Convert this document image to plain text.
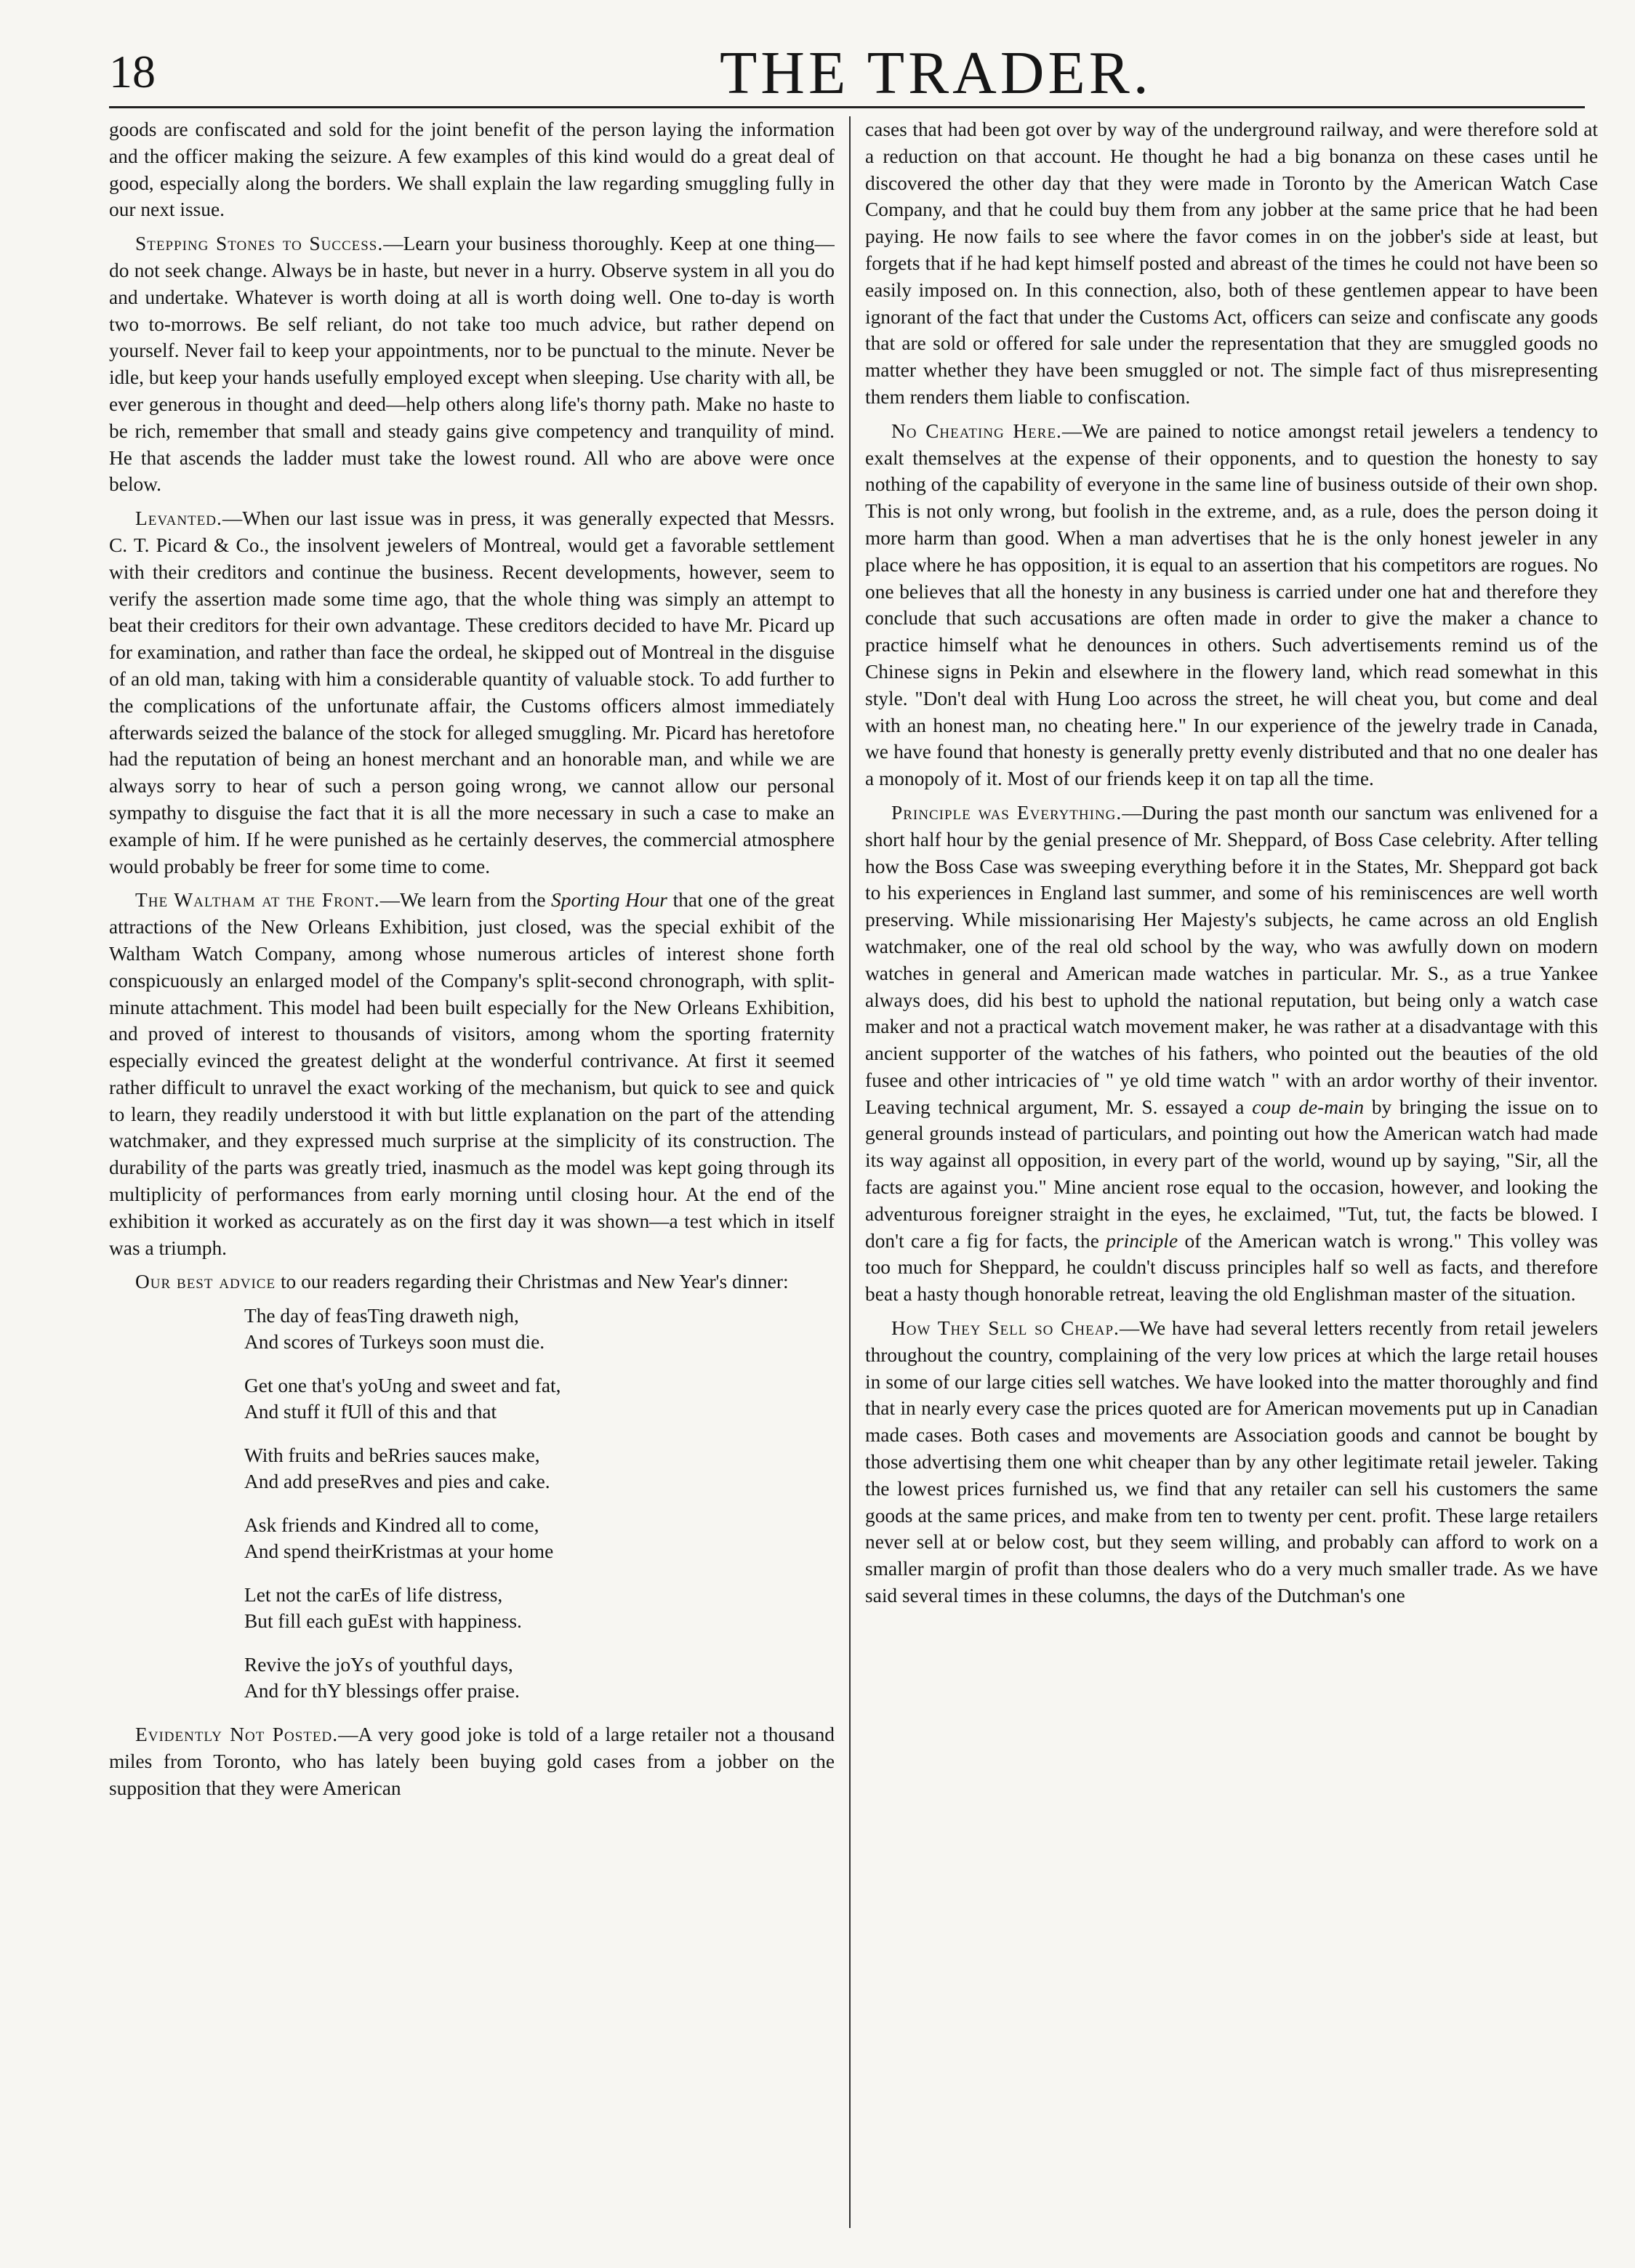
18	THE TRADER.

goods are confiscated and sold for the joint benefit of the person laying the information and the officer making the seizure. A few examples of this kind would do a great deal of good, especially along the borders. We shall explain the law regarding smuggling fully in our next issue.

Stepping Stones to Success.—Learn your business thoroughly. Keep at one thing—do not seek change. Always be in haste, but never in a hurry. Observe system in all you do and undertake. Whatever is worth doing at all is worth doing well. One to-day is worth two to-morrows. Be self reliant, do not take too much advice, but rather depend on yourself. Never fail to keep your appointments, nor to be punctual to the minute. Never be idle, but keep your hands usefully employed except when sleeping. Use charity with all, be ever generous in thought and deed—help others along life's thorny path. Make no haste to be rich, remember that small and steady gains give competency and tranquility of mind. He that ascends the ladder must take the lowest round. All who are above were once below.

Levanted.—When our last issue was in press, it was generally expected that Messrs. C. T. Picard & Co., the insolvent jewelers of Montreal, would get a favorable settlement with their creditors and continue the business. Recent developments, however, seem to verify the assertion made some time ago, that the whole thing was simply an attempt to beat their creditors for their own advantage. These creditors decided to have Mr. Picard up for examination, and rather than face the ordeal, he skipped out of Montreal in the disguise of an old man, taking with him a considerable quantity of valuable stock. To add further to the complications of the unfortunate affair, the Customs officers almost immediately afterwards seized the balance of the stock for alleged smuggling. Mr. Picard has heretofore had the reputation of being an honest merchant and an honorable man, and while we are always sorry to hear of such a person going wrong, we cannot allow our personal sympathy to disguise the fact that it is all the more necessary in such a case to make an example of him. If he were punished as he certainly deserves, the commercial atmosphere would probably be freer for some time to come.

The Waltham at the Front.—We learn from the Sporting Hour that one of the great attractions of the New Orleans Exhibition, just closed, was the special exhibit of the Waltham Watch Company, among whose numerous articles of interest shone forth conspicuously an enlarged model of the Company's split-second chronograph, with split-minute attachment. This model had been built especially for the New Orleans Exhibition, and proved of interest to thousands of visitors, among whom the sporting fraternity especially evinced the greatest delight at the wonderful contrivance. At first it seemed rather difficult to unravel the exact working of the mechanism, but quick to see and quick to learn, they readily understood it with but little explanation on the part of the attending watchmaker, and they expressed much surprise at the simplicity of its construction. The durability of the parts was greatly tried, inasmuch as the model was kept going through its multiplicity of performances from early morning until closing hour. At the end of the exhibition it worked as accurately as on the first day it was shown—a test which in itself was a triumph.

Our best advice to our readers regarding their Christmas and New Year's dinner:

The day of feasTing draweth nigh,
And scores of Turkeys soon must die.
Get one that's yoUng and sweet and fat,
And stuff it fUll of this and that
With fruits and beRries sauces make,
And add preseRves and pies and cake.
Ask friends and Kindred all to come,
And spend theirKristmas at your home
Let not the carEs of life distress,
But fill each guEst with happiness.
Revive the joYs of youthful days,
And for thY blessings offer praise.

Evidently Not Posted.—A very good joke is told of a large retailer not a thousand miles from Toronto, who has lately been buying gold cases from a jobber on the supposition that they were American

cases that had been got over by way of the underground railway, and were therefore sold at a reduction on that account. He thought he had a big bonanza on these cases until he discovered the other day that they were made in Toronto by the American Watch Case Company, and that he could buy them from any jobber at the same price that he had been paying. He now fails to see where the favor comes in on the jobber's side at least, but forgets that if he had kept himself posted and abreast of the times he could not have been so easily imposed on. In this connection, also, both of these gentlemen appear to have been ignorant of the fact that under the Customs Act, officers can seize and confiscate any goods that are sold or offered for sale under the representation that they are smuggled goods no matter whether they have been smuggled or not. The simple fact of thus misrepresenting them renders them liable to confiscation.

No Cheating Here.—We are pained to notice amongst retail jewelers a tendency to exalt themselves at the expense of their opponents, and to question the honesty to say nothing of the capability of everyone in the same line of business outside of their own shop. This is not only wrong, but foolish in the extreme, and, as a rule, does the person doing it more harm than good. When a man advertises that he is the only honest jeweler in any place where he has opposition, it is equal to an assertion that his competitors are rogues. No one believes that all the honesty in any business is carried under one hat and therefore they conclude that such accusations are often made in order to give the maker a chance to practice himself what he denounces in others. Such advertisements remind us of the Chinese signs in Pekin and elsewhere in the flowery land, which read somewhat in this style. "Don't deal with Hung Loo across the street, he will cheat you, but come and deal with an honest man, no cheating here." In our experience of the jewelry trade in Canada, we have found that honesty is generally pretty evenly distributed and that no one dealer has a monopoly of it. Most of our friends keep it on tap all the time.

Principle was Everything.—During the past month our sanctum was enlivened for a short half hour by the genial presence of Mr. Sheppard, of Boss Case celebrity. After telling how the Boss Case was sweeping everything before it in the States, Mr. Sheppard got back to his experiences in England last summer, and some of his reminiscences are well worth preserving. While missionarising Her Majesty's subjects, he came across an old English watchmaker, one of the real old school by the way, who was awfully down on modern watches in general and American made watches in particular. Mr. S., as a true Yankee always does, did his best to uphold the national reputation, but being only a watch case maker and not a practical watch movement maker, he was rather at a disadvantage with this ancient supporter of the watches of his fathers, who pointed out the beauties of the old fusee and other intricacies of " ye old time watch " with an ardor worthy of their inventor. Leaving technical argument, Mr. S. essayed a coup de-main by bringing the issue on to general grounds instead of particulars, and pointing out how the American watch had made its way against all opposition, in every part of the world, wound up by saying, "Sir, all the facts are against you." Mine ancient rose equal to the occasion, however, and looking the adventurous foreigner straight in the eyes, he exclaimed, "Tut, tut, the facts be blowed. I don't care a fig for facts, the principle of the American watch is wrong." This volley was too much for Sheppard, he couldn't discuss principles half so well as facts, and therefore beat a hasty though honorable retreat, leaving the old Englishman master of the situation.

How They Sell so Cheap.—We have had several letters recently from retail jewelers throughout the country, complaining of the very low prices at which the large retail houses in some of our large cities sell watches. We have looked into the matter thoroughly and find that in nearly every case the prices quoted are for American movements put up in Canadian made cases. Both cases and movements are Association goods and cannot be bought by those advertising them one whit cheaper than by any other legitimate retail jeweler. Taking the lowest prices furnished us, we find that any retailer can sell his customers the same goods at the same prices, and make from ten to twenty per cent. profit. These large retailers never sell at or below cost, but they seem willing, and probably can afford to work on a smaller margin of profit than those dealers who do a very much smaller trade. As we have said several times in these columns, the days of the Dutchman's one
